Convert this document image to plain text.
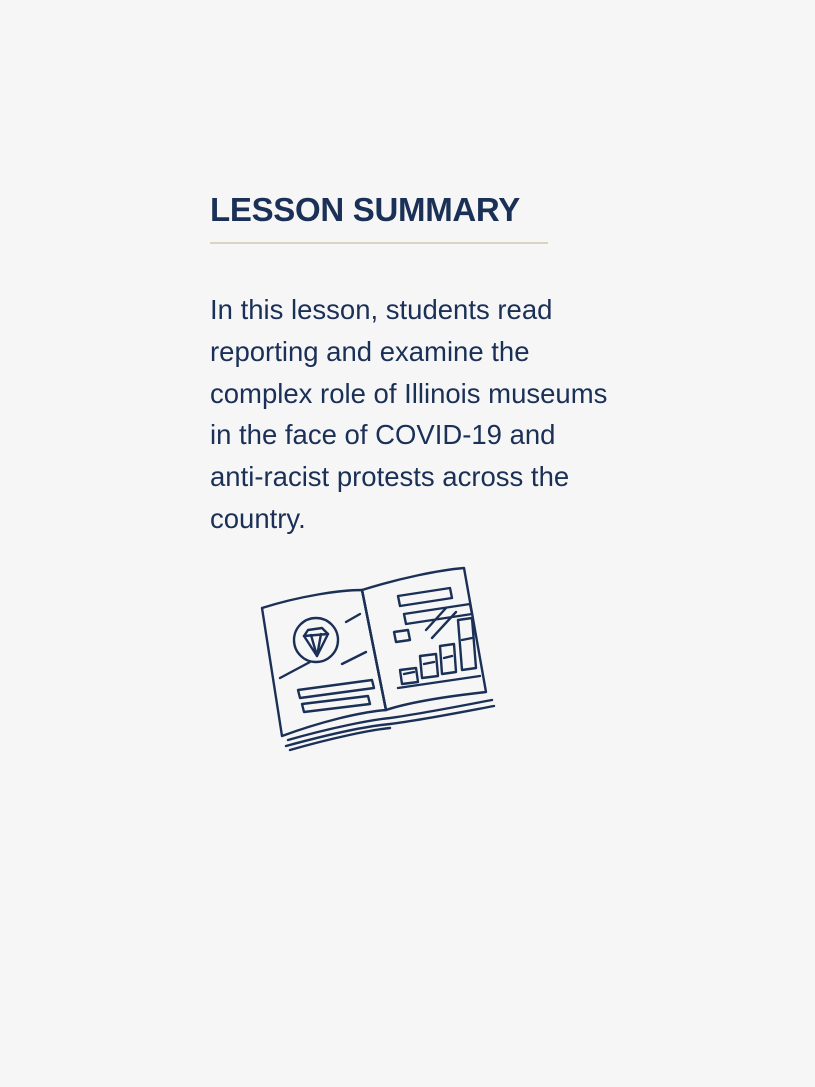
LESSON SUMMARY

In this lesson, students read reporting and examine the complex role of Illinois museums in the face of COVID-19 and anti-racist protests across the country.
